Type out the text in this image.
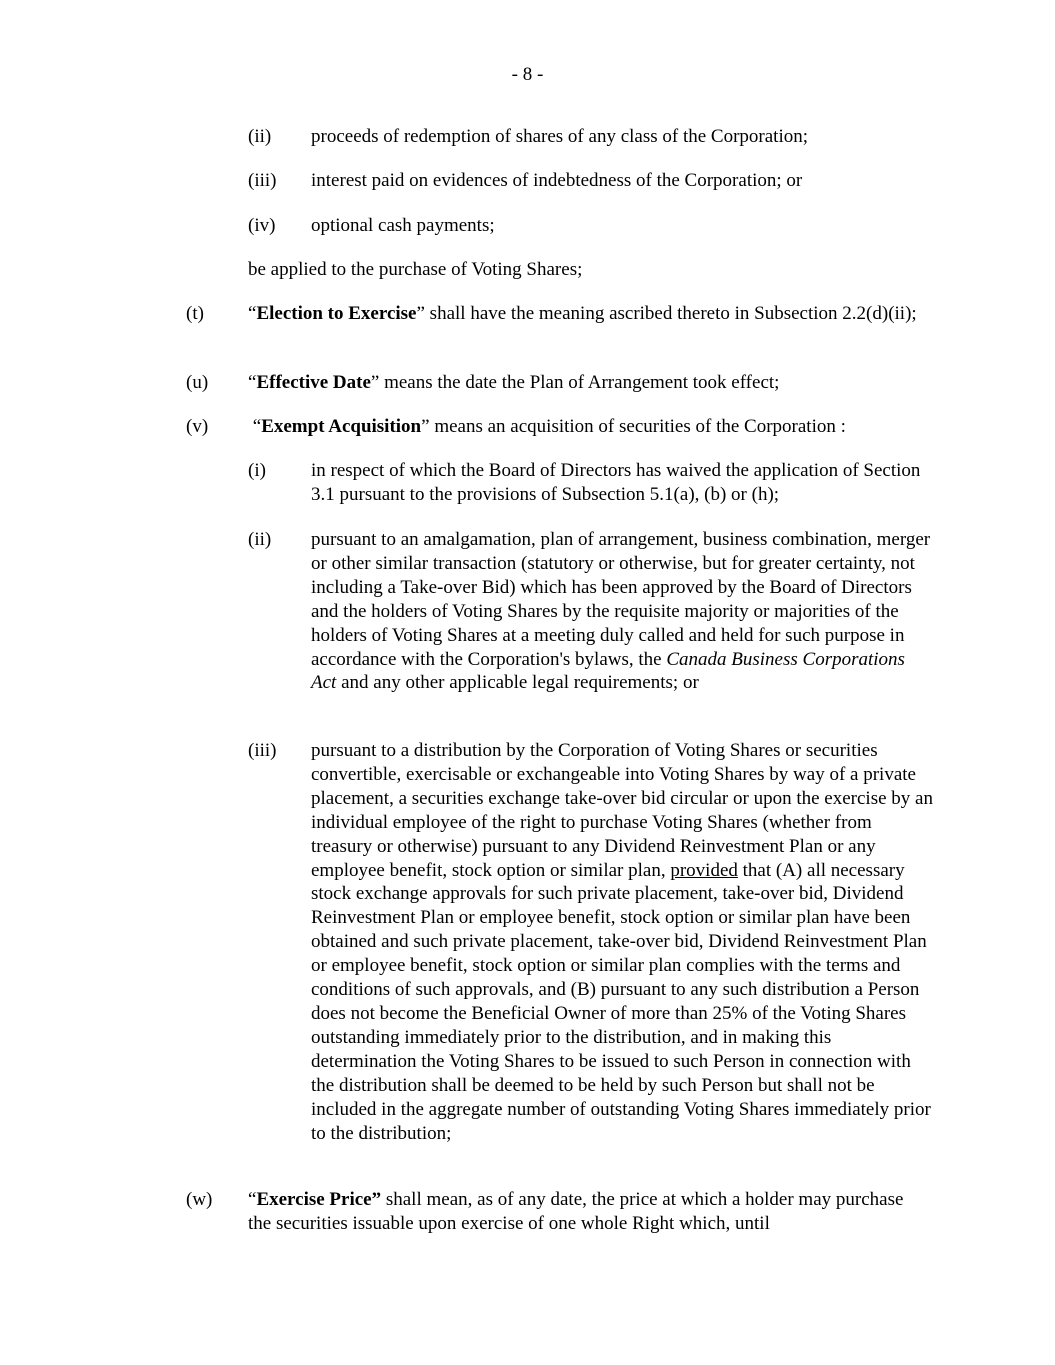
- 8 -
(ii) proceeds of redemption of shares of any class of the Corporation;
(iii) interest paid on evidences of indebtedness of the Corporation; or
(iv) optional cash payments;
be applied to the purchase of Voting Shares;
(t) “Election to Exercise” shall have the meaning ascribed thereto in Subsection 2.2(d)(ii);
(u) “Effective Date” means the date the Plan of Arrangement took effect;
(v) “Exempt Acquisition” means an acquisition of securities of the Corporation :
(i) in respect of which the Board of Directors has waived the application of Section 3.1 pursuant to the provisions of Subsection 5.1(a), (b) or (h);
(ii) pursuant to an amalgamation, plan of arrangement, business combination, merger or other similar transaction (statutory or otherwise, but for greater certainty, not including a Take-over Bid) which has been approved by the Board of Directors and the holders of Voting Shares by the requisite majority or majorities of the holders of Voting Shares at a meeting duly called and held for such purpose in accordance with the Corporation's bylaws, the Canada Business Corporations Act and any other applicable legal requirements; or
(iii) pursuant to a distribution by the Corporation of Voting Shares or securities convertible, exercisable or exchangeable into Voting Shares by way of a private placement, a securities exchange take-over bid circular or upon the exercise by an individual employee of the right to purchase Voting Shares (whether from treasury or otherwise) pursuant to any Dividend Reinvestment Plan or any employee benefit, stock option or similar plan, provided that (A) all necessary stock exchange approvals for such private placement, take-over bid, Dividend Reinvestment Plan or employee benefit, stock option or similar plan have been obtained and such private placement, take-over bid, Dividend Reinvestment Plan or employee benefit, stock option or similar plan complies with the terms and conditions of such approvals, and (B) pursuant to any such distribution a Person does not become the Beneficial Owner of more than 25% of the Voting Shares outstanding immediately prior to the distribution, and in making this determination the Voting Shares to be issued to such Person in connection with the distribution shall be deemed to be held by such Person but shall not be included in the aggregate number of outstanding Voting Shares immediately prior to the distribution;
(w) “Exercise Price” shall mean, as of any date, the price at which a holder may purchase the securities issuable upon exercise of one whole Right which, until
